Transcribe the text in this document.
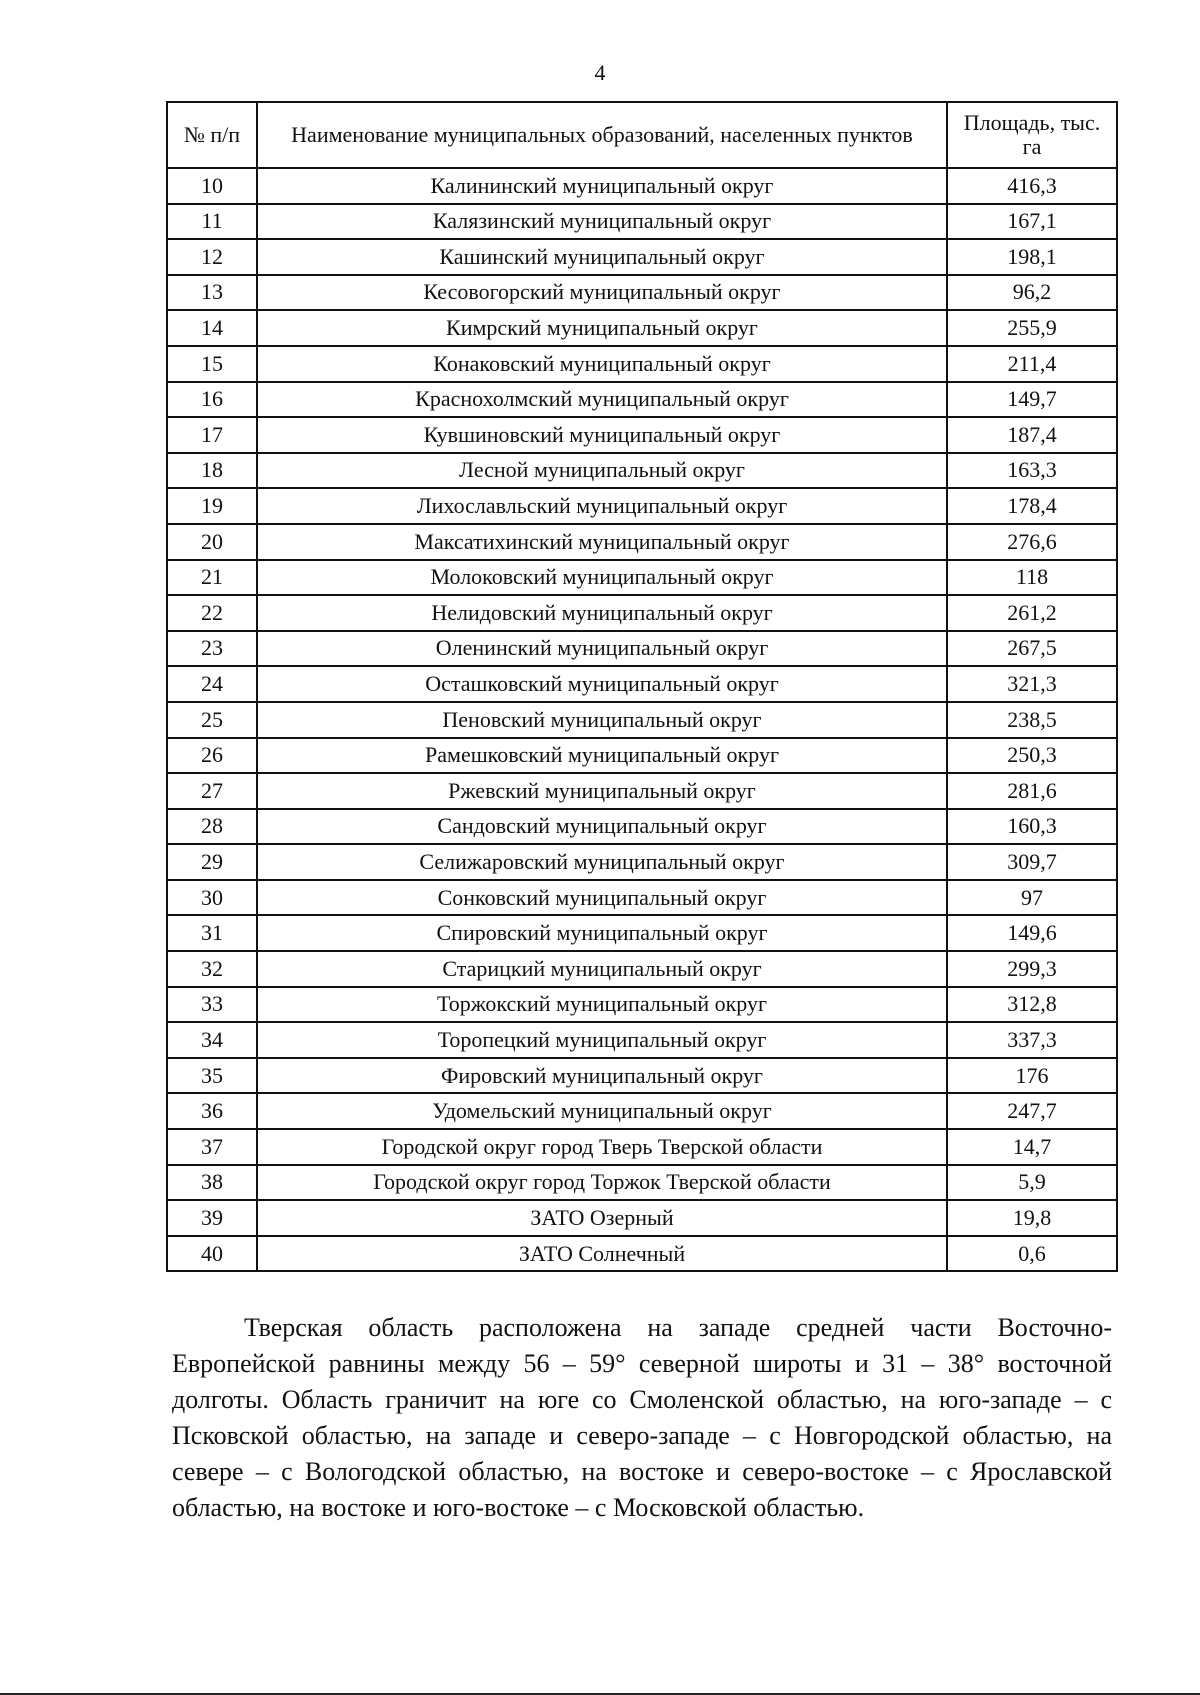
4
№ п/п	Наименование муниципальных образований, населенных пунктов	Площадь, тыс. га
10	Калининский муниципальный округ	416,3
11	Калязинский муниципальный округ	167,1
12	Кашинский муниципальный округ	198,1
13	Кесовогорский муниципальный округ	96,2
14	Кимрский муниципальный округ	255,9
15	Конаковский муниципальный округ	211,4
16	Краснохолмский муниципальный округ	149,7
17	Кувшиновский муниципальный округ	187,4
18	Лесной муниципальный округ	163,3
19	Лихославльский муниципальный округ	178,4
20	Максатихинский муниципальный округ	276,6
21	Молоковский муниципальный округ	118
22	Нелидовский муниципальный округ	261,2
23	Оленинский муниципальный округ	267,5
24	Осташковский муниципальный округ	321,3
25	Пеновский муниципальный округ	238,5
26	Рамешковский муниципальный округ	250,3
27	Ржевский муниципальный округ	281,6
28	Сандовский муниципальный округ	160,3
29	Селижаровский муниципальный округ	309,7
30	Сонковский муниципальный округ	97
31	Спировский муниципальный округ	149,6
32	Старицкий муниципальный округ	299,3
33	Торжокский муниципальный округ	312,8
34	Торопецкий муниципальный округ	337,3
35	Фировский муниципальный округ	176
36	Удомельский муниципальный округ	247,7
37	Городской округ город Тверь Тверской области	14,7
38	Городской округ город Торжок Тверской области	5,9
39	ЗАТО Озерный	19,8
40	ЗАТО Солнечный	0,6

Тверская область расположена на западе средней части Восточно-Европейской равнины между 56 – 59° северной широты и 31 – 38° восточной долготы. Область граничит на юге со Смоленской областью, на юго-западе – с Псковской областью, на западе и северо-западе – с Новгородской областью, на севере – с Вологодской областью, на востоке и северо-востоке – с Ярославской областью, на востоке и юго-востоке – с Московской областью.
